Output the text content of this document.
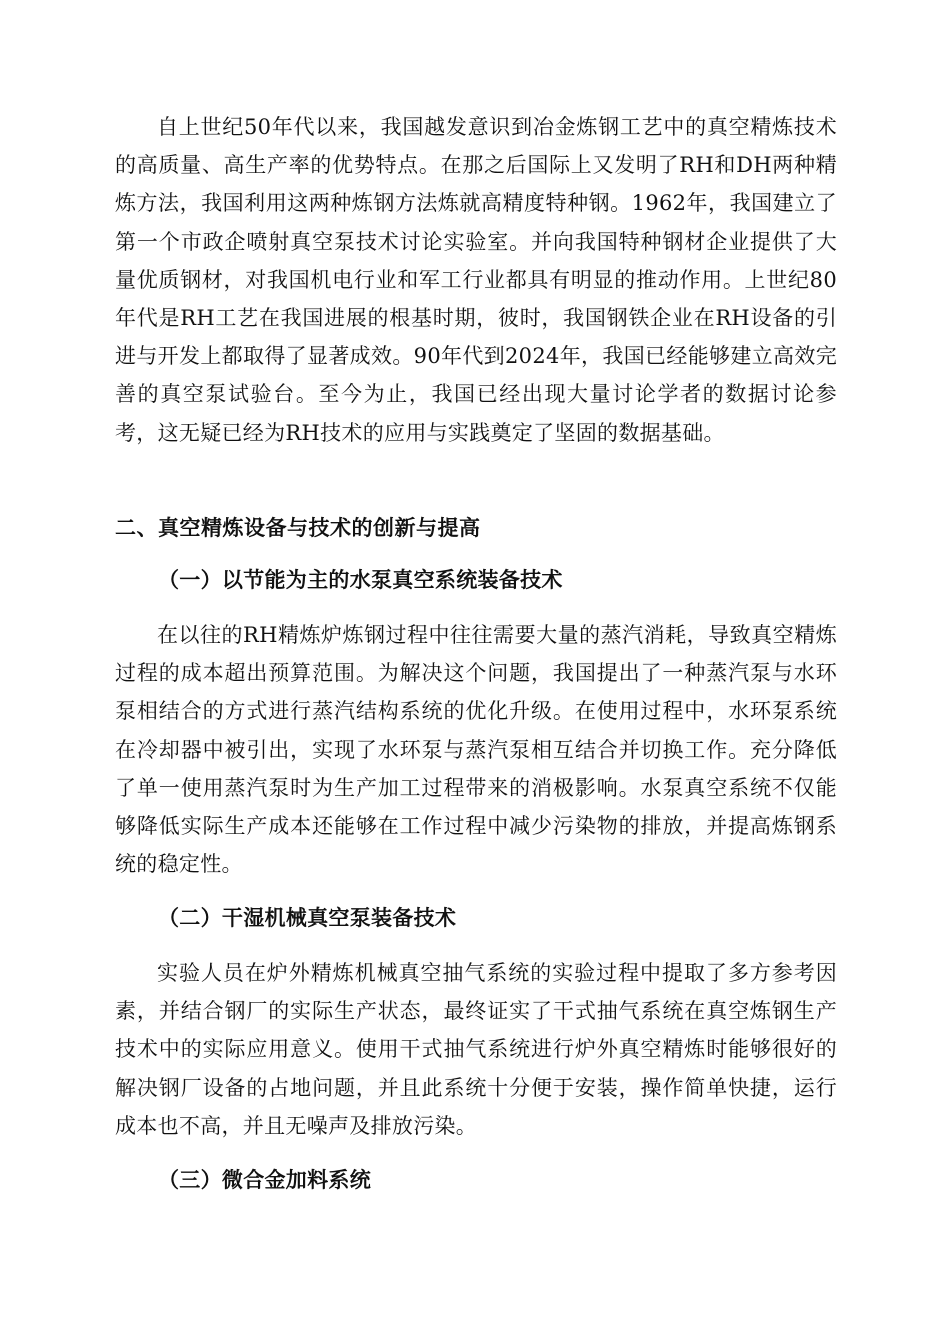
自上世纪50年代以来，我国越发意识到冶金炼钢工艺中的真空精炼技术的高质量、高生产率的优势特点。在那之后国际上又发明了RH和DH两种精炼方法，我国利用这两种炼钢方法炼就高精度特种钢。1962年，我国建立了第一个市政企喷射真空泵技术讨论实验室。并向我国特种钢材企业提供了大量优质钢材，对我国机电行业和军工行业都具有明显的推动作用。上世纪80年代是RH工艺在我国进展的根基时期，彼时，我国钢铁企业在RH设备的引进与开发上都取得了显著成效。90年代到2024年，我国已经能够建立高效完善的真空泵试验台。至今为止，我国已经出现大量讨论学者的数据讨论参考，这无疑已经为RH技术的应用与实践奠定了坚固的数据基础。

二、真空精炼设备与技术的创新与提高
（一）以节能为主的水泵真空系统装备技术

在以往的RH精炼炉炼钢过程中往往需要大量的蒸汽消耗，导致真空精炼过程的成本超出预算范围。为解决这个问题，我国提出了一种蒸汽泵与水环泵相结合的方式进行蒸汽结构系统的优化升级。在使用过程中，水环泵系统在冷却器中被引出，实现了水环泵与蒸汽泵相互结合并切换工作。充分降低了单一使用蒸汽泵时为生产加工过程带来的消极影响。水泵真空系统不仅能够降低实际生产成本还能够在工作过程中减少污染物的排放，并提高炼钢系统的稳定性。

（二）干湿机械真空泵装备技术

实验人员在炉外精炼机械真空抽气系统的实验过程中提取了多方参考因素，并结合钢厂的实际生产状态，最终证实了干式抽气系统在真空炼钢生产技术中的实际应用意义。使用干式抽气系统进行炉外真空精炼时能够很好的解决钢厂设备的占地问题，并且此系统十分便于安装，操作简单快捷，运行成本也不高，并且无噪声及排放污染。

（三）微合金加料系统
